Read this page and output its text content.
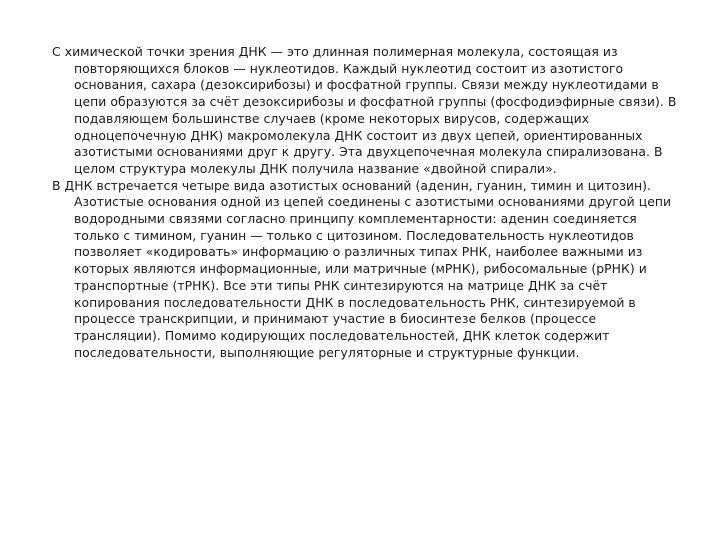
С химической точки зрения ДНК — это длинная полимерная молекула, состоящая из повторяющихся блоков — нуклеотидов. Каждый нуклеотид состоит из азотистого основания, сахара (дезоксирибозы) и фосфатной группы. Связи между нуклеотидами в цепи образуются за счёт дезоксирибозы и фосфатной группы (фосфодиэфирные связи). В подавляющем большинстве случаев (кроме некоторых вирусов, содержащих одноцепочечную ДНК) макромолекула ДНК состоит из двух цепей, ориентированных азотистыми основаниями друг к другу. Эта двухцепочечная молекула спирализована. В целом структура молекулы ДНК получила название «двойной спирали».

В ДНК встречается четыре вида азотистых оснований (аденин, гуанин, тимин и цитозин). Азотистые основания одной из цепей соединены с азотистыми основаниями другой цепи водородными связями согласно принципу комплементарности: аденин соединяется только с тимином, гуанин — только с цитозином. Последовательность нуклеотидов позволяет «кодировать» информацию о различных типах РНК, наиболее важными из которых являются информационные, или матричные (мРНК), рибосомальные (рРНК) и транспортные (тРНК). Все эти типы РНК синтезируются на матрице ДНК за счёт копирования последовательности ДНК в последовательность РНК, синтезируемой в процессе транскрипции, и принимают участие в биосинтезе белков (процессе трансляции). Помимо кодирующих последовательностей, ДНК клеток содержит последовательности, выполняющие регуляторные и структурные функции.
